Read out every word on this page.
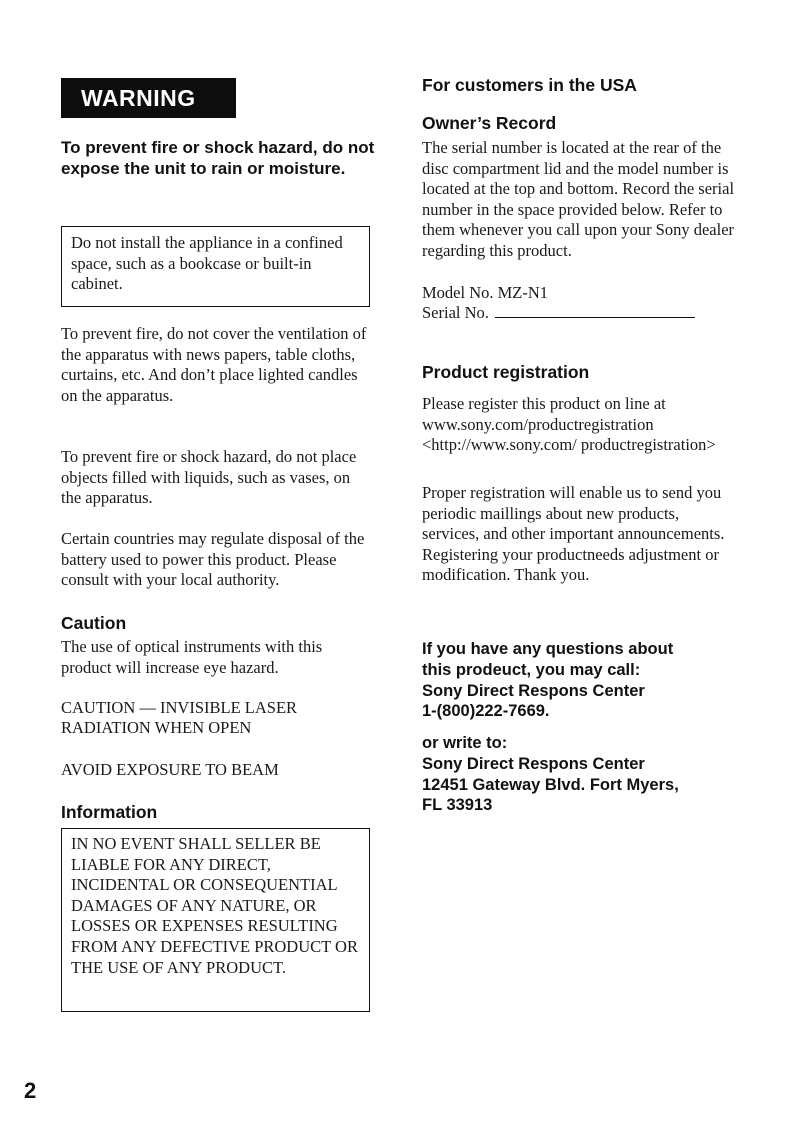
WARNING

To prevent fire or shock hazard, do not expose the unit to rain or moisture.

Do not install the appliance in a confined space, such as a bookcase or built-in cabinet.

To prevent fire, do not cover the ventilation of the apparatus with news papers, table cloths, curtains, etc. And don’t place lighted candles on the apparatus.

To prevent fire or shock hazard, do not place objects filled with liquids, such as vases, on the apparatus.

Certain countries may regulate disposal of the battery used to power this product. Please consult with your local authority.

Caution

The use of optical instruments with this product will increase eye hazard.

CAUTION — INVISIBLE LASER

RADIATION WHEN OPEN

AVOID EXPOSURE TO BEAM

Information

IN NO EVENT SHALL SELLER BE LIABLE FOR ANY DIRECT, INCIDENTAL OR CONSEQUENTIAL DAMAGES OF ANY NATURE, OR LOSSES OR EXPENSES RESULTING FROM ANY DEFECTIVE PRODUCT OR THE USE OF ANY PRODUCT.

For customers in the USA

Owner’s Record

The serial number is located at the rear of the disc compartment lid and the model number is located at the top and bottom. Record the serial number in the space provided below. Refer to them whenever you call upon your Sony dealer regarding this product.

Model No. MZ-N1

Serial No.

Product registration

Please register this product on line at www.sony.com/productregistration <http://www.sony.com/ productregistration>

Proper registration will enable us to send you periodic maillings about new products, services, and other important announcements. Registering your productneeds adjustment or modification. Thank you.

If you have any questions about

this prodeuct, you may call:

Sony Direct Respons Center

1-(800)222-7669.

or write to:

Sony Direct Respons Center

12451 Gateway Blvd. Fort Myers,

FL 33913

2
